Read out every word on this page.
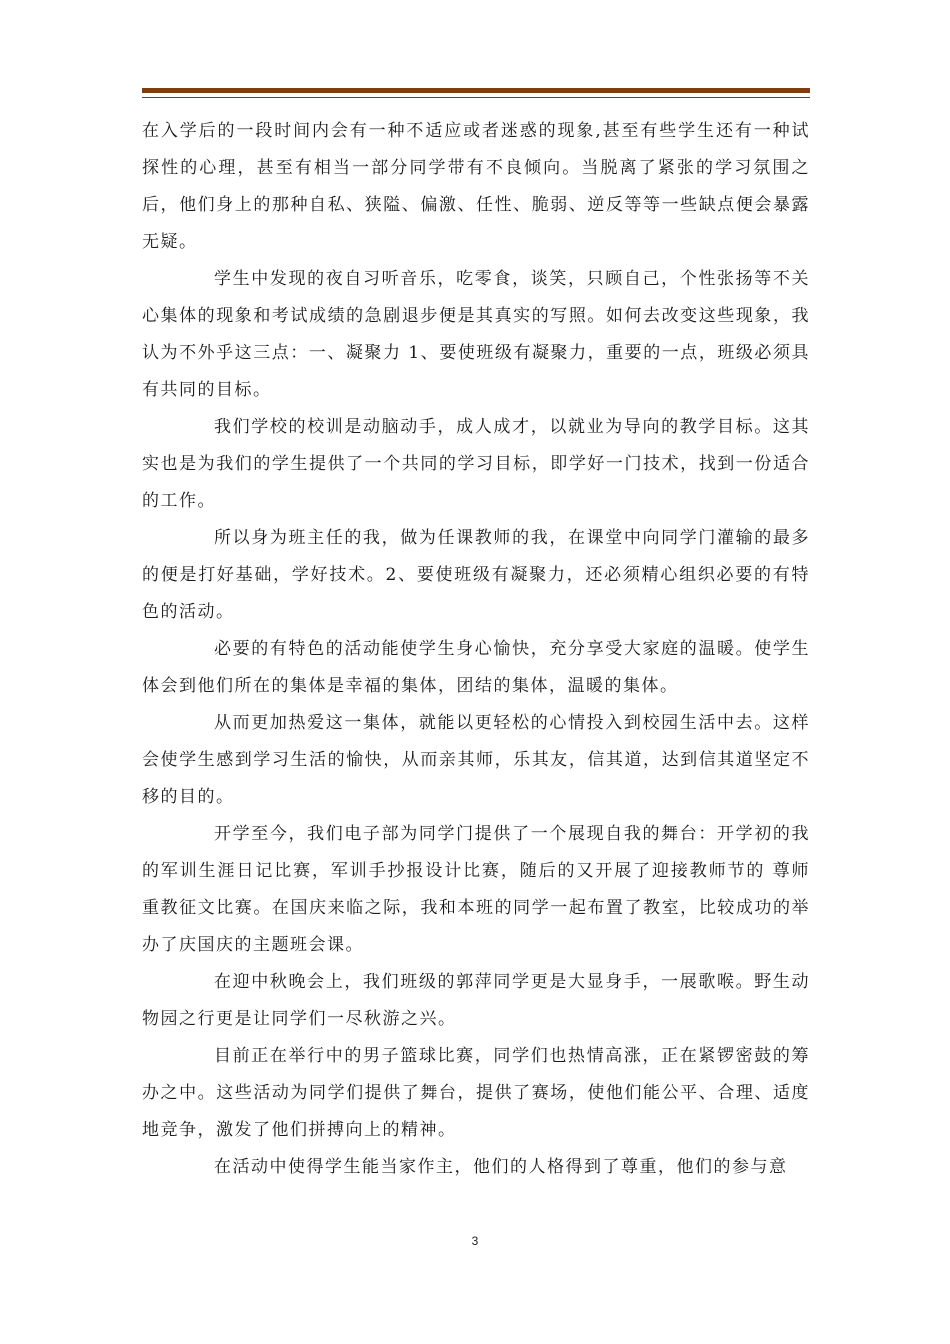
在入学后的一段时间内会有一种不适应或者迷惑的现象,甚至有些学生还有一种试探性的心理，甚至有相当一部分同学带有不良倾向。当脱离了紧张的学习氛围之后，他们身上的那种自私、狭隘、偏激、任性、脆弱、逆反等等一些缺点便会暴露无疑。

学生中发现的夜自习听音乐，吃零食，谈笑，只顾自己，个性张扬等不关心集体的现象和考试成绩的急剧退步便是其真实的写照。如何去改变这些现象，我认为不外乎这三点：一、凝聚力 1、要使班级有凝聚力，重要的一点，班级必须具有共同的目标。

我们学校的校训是动脑动手，成人成才，以就业为导向的教学目标。这其实也是为我们的学生提供了一个共同的学习目标，即学好一门技术，找到一份适合的工作。

所以身为班主任的我，做为任课教师的我，在课堂中向同学门灌输的最多的便是打好基础，学好技术。2、要使班级有凝聚力，还必须精心组织必要的有特色的活动。

必要的有特色的活动能使学生身心愉快，充分享受大家庭的温暖。使学生体会到他们所在的集体是幸福的集体，团结的集体，温暖的集体。

从而更加热爱这一集体，就能以更轻松的心情投入到校园生活中去。这样会使学生感到学习生活的愉快，从而亲其师，乐其友，信其道，达到信其道坚定不移的目的。

开学至今，我们电子部为同学门提供了一个展现自我的舞台：开学初的我的军训生涯日记比赛，军训手抄报设计比赛，随后的又开展了迎接教师节的 尊师重教征文比赛。在国庆来临之际，我和本班的同学一起布置了教室，比较成功的举办了庆国庆的主题班会课。

在迎中秋晚会上，我们班级的郭萍同学更是大显身手，一展歌喉。野生动物园之行更是让同学们一尽秋游之兴。

目前正在举行中的男子篮球比赛，同学们也热情高涨，正在紧锣密鼓的筹办之中。这些活动为同学们提供了舞台，提供了赛场，使他们能公平、合理、适度地竞争，激发了他们拼搏向上的精神。

在活动中使得学生能当家作主，他们的人格得到了尊重，他们的参与意

3
